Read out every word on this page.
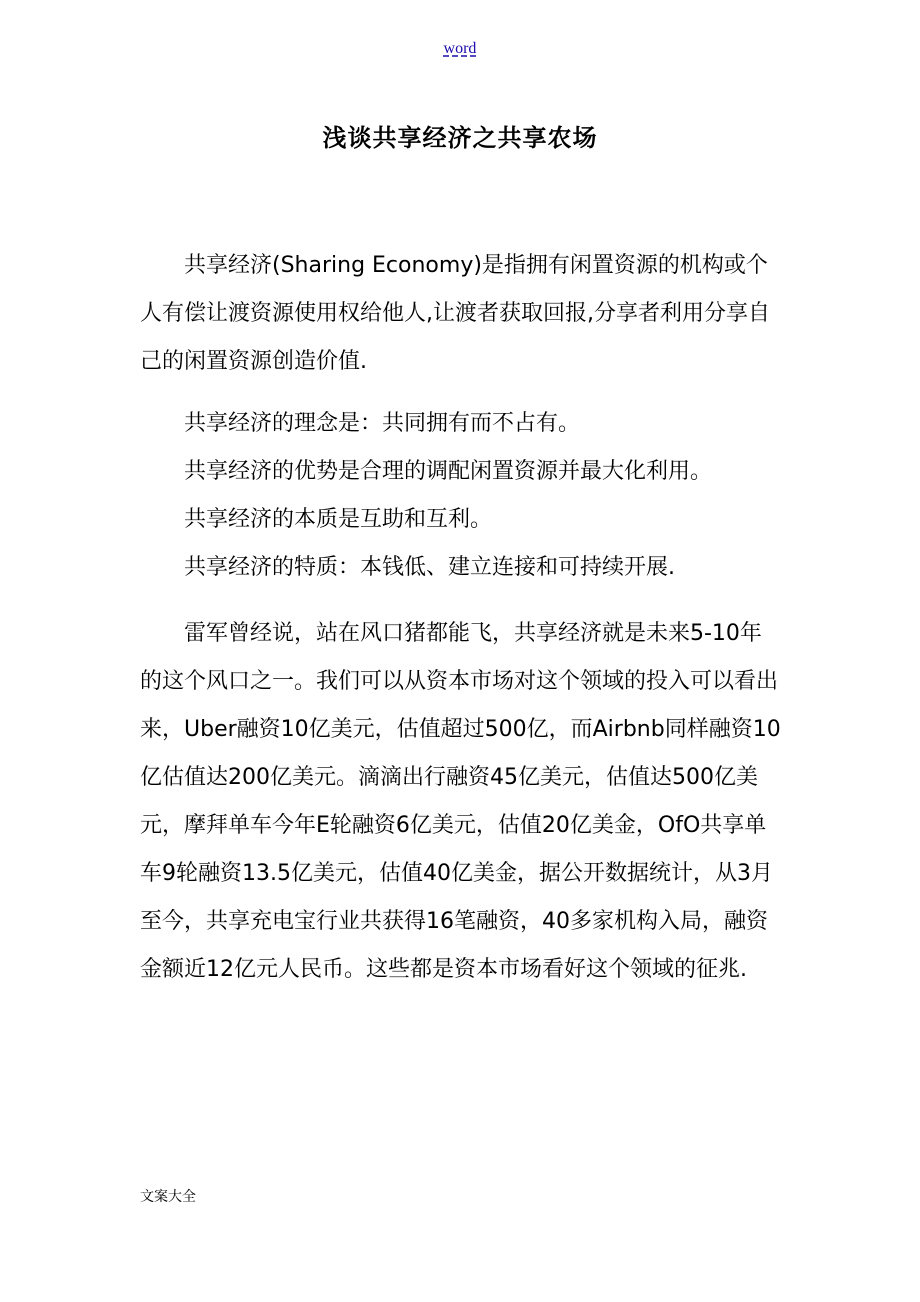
word
浅谈共享经济之共享农场

共享经济(Sharing Economy)是指拥有闲置资源的机构或个人有偿让渡资源使用权给他人,让渡者获取回报,分享者利用分享自己的闲置资源创造价值.

共享经济的理念是：共同拥有而不占有。

共享经济的优势是合理的调配闲置资源并最大化利用。

共享经济的本质是互助和互利。

共享经济的特质：本钱低、建立连接和可持续开展.

雷军曾经说，站在风口猪都能飞，共享经济就是未来5-10年的这个风口之一。我们可以从资本市场对这个领域的投入可以看出来，Uber融资10亿美元，估值超过500亿，而Airbnb同样融资10亿估值达200亿美元。滴滴出行融资45亿美元，估值达500亿美元，摩拜单车今年E轮融资6亿美元，估值20亿美金，OfO共享单车9轮融资13.5亿美元，估值40亿美金，据公开数据统计，从3月至今，共享充电宝行业共获得16笔融资，40多家机构入局，融资金额近12亿元人民币。这些都是资本市场看好这个领域的征兆.

文案大全
